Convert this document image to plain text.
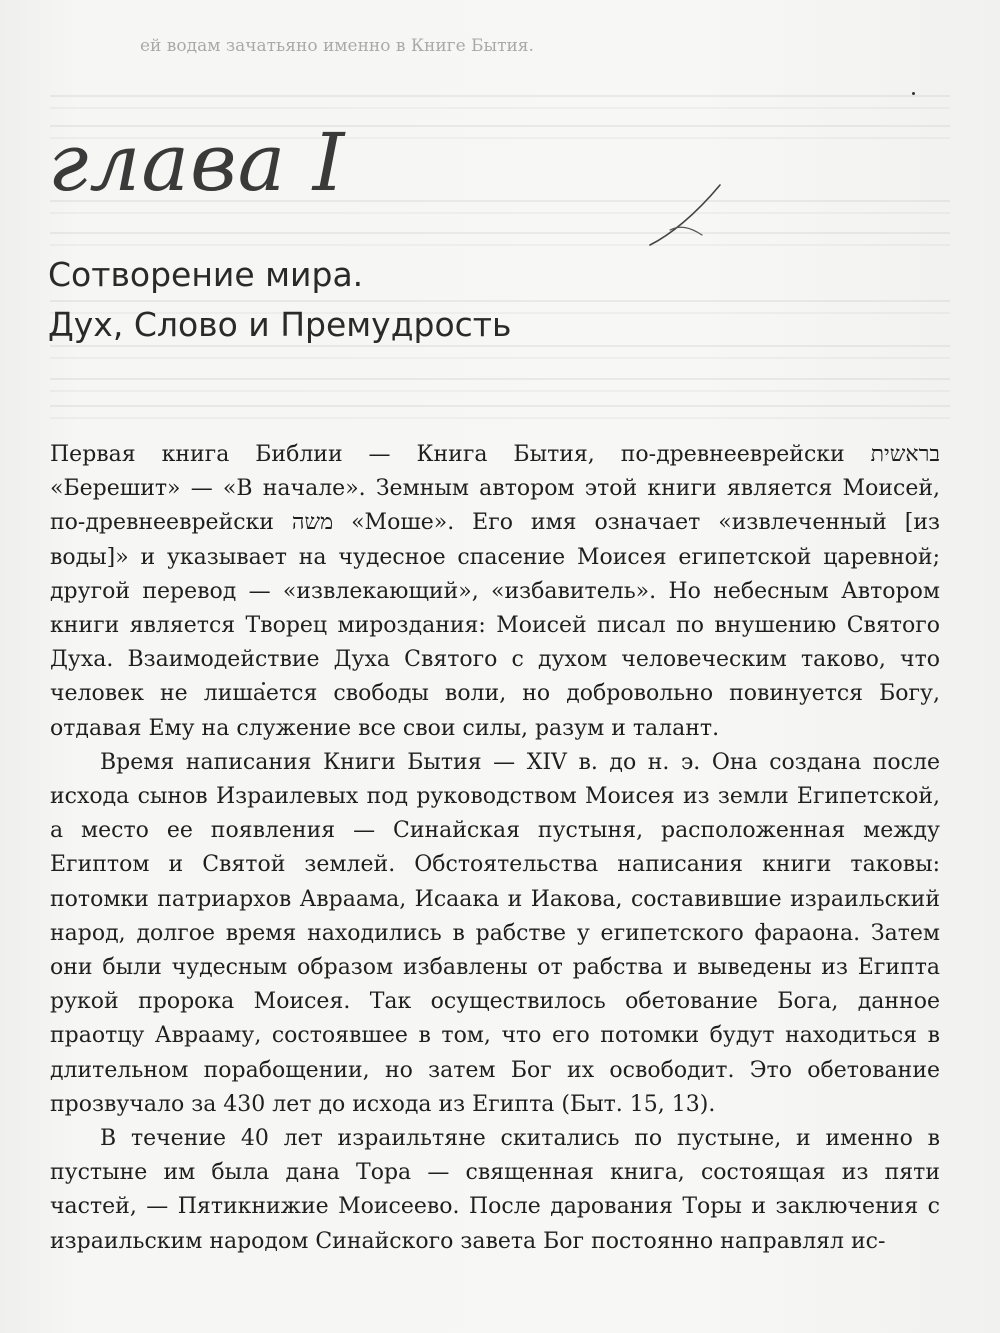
ей водам зачатьяно именно в Книге Бытия.

глава I
Сотворение мира.
Дух, Слово и Премудрость

Первая книга Библии — Книга Бытия, по-древнееврейски בראשית «Берешит» — «В начале». Земным автором этой книги является Моисей, по-древнееврейски משה «Моше». Его имя означает «извлеченный [из воды]» и указывает на чудесное спасение Моисея египетской царевной; другой перевод — «извлекающий», «избавитель». Но небесным Автором книги является Творец мироздания: Моисей писал по внушению Святого Духа. Взаимодействие Духа Святого с духом человеческим таково, что человек не лишается свободы воли, но добровольно повинуется Богу, отдавая Ему на служение все свои силы, разум и талант.

Время написания Книги Бытия — XIV в. до н. э. Она создана после исхода сынов Израилевых под руководством Моисея из земли Египетской, а место ее появления — Синайская пустыня, расположенная между Египтом и Святой землей. Обстоятельства написания книги таковы: потомки патриархов Авраама, Исаака и Иакова, составившие израильский народ, долгое время находились в рабстве у египетского фараона. Затем они были чудесным образом избавлены от рабства и выведены из Египта рукой пророка Моисея. Так осуществилось обетование Бога, данное праотцу Аврааму, состоявшее в том, что его потомки будут находиться в длительном порабощении, но затем Бог их освободит. Это обетование прозвучало за 430 лет до исхода из Египта (Быт. 15, 13).

В течение 40 лет израильтяне скитались по пустыне, и именно в пустыне им была дана Тора — священная книга, состоящая из пяти частей, — Пятикнижие Моисеево. После дарования Торы и заключения с израильским народом Синайского завета Бог постоянно направлял ис-
